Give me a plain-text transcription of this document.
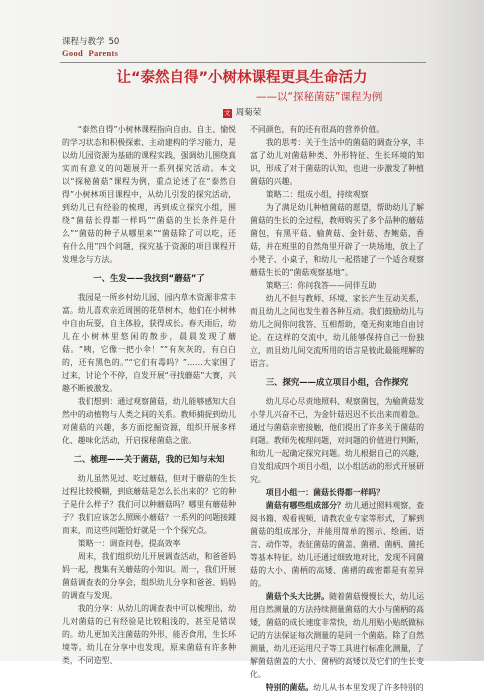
课程与教学 50
Good Parents
让“泰然自得”小树林课程更具生命活力
——以“探秘菌菇”课程为例
文 周菊荣

“泰然自得”小树林课程指向自由、自主、愉悦的学习状态和积极探索、主动建构的学习能力，是以幼儿园资源为基础的课程实践，强调幼儿围绕真实而有意义的问题展开一系列探究活动。本文以“探秘菌菇”课程为例，重点论述了在“泰然自得”小树林项目课程中，从幼儿引发的探究活动，到幼儿已有经验的梳理，再到成立探究小组，围绕“菌菇长得都一样吗”“菌菇的生长条件是什么”“菌菇的种子从哪里来”“菌菇除了可以吃，还有什么用”四个问题，探究基于资源的项目课程开发理念与方法。

一、生发——我找到“蘑菇”了

我园是一所乡村幼儿园，园内草木资源非常丰富。幼儿喜欢亲近周围的花草树木，他们在小树林中自由玩耍，自主体验，获得成长。春天雨后，幼儿在小树林里悠闲的散步，晨晨发现了蘑菇。“咦，它像一把小伞！”“有灰灰的，有白白的，还有黑色的。”“它们有毒吗？”……大家围了过来，讨论个不停，自发开展“寻找蘑菇”大赛，兴趣不断被激发。

我们想到：通过观察菌菇，幼儿能够感知大自然中的动植物与人类之间的关系。教师捕捉到幼儿对菌菇的兴趣，多方面挖掘资源，组织开展多样化、趣味化活动，开启探秘菌菇之旅。

二、梳理——关于菌菇，我的已知与未知

幼儿虽然见过、吃过蘑菇，但对于蘑菇的生长过程比较模糊，到底蘑菇是怎么长出来的？它的种子是什么样子？我们可以种蘑菇吗？哪里有蘑菇种子？我们应该怎么照顾小蘑菇？一系列的问题接踵而来，而这些问题恰好就是一个个探究点。

策略一：调查问卷，提高效率

周末，我们组织幼儿开展调查活动，和爸爸妈妈一起，搜集有关蘑菇的小知识。周一，我们开展菌菇调查表的分享会，组织幼儿分享和爸爸、妈妈的调查与发现。

我的分享：从幼儿的调查表中可以梳理出，幼儿对菌菇的已有经验是比较粗浅的，甚至是错误的。幼儿更加关注菌菇的外形，能否食用，生长环境等。幼儿在分享中也发现，原来菌菇有许多种类，不同造型、

不同颜色，有的还有很高的营养价值。

我的思考：关于生活中的菌菇的调查分享，丰富了幼儿对菌菇种类、外形特征、生长环境的知识，形成了对于菌菇的认知，也进一步激发了种植菌菇的兴趣。

策略二：组成小组，持续观察

为了满足幼儿种植菌菇的愿望，帮助幼儿了解菌菇的生长的全过程，教师购买了多个品种的蘑菇菌包，有黑平菇、榆黄菇、金针菇、杏鲍菇、香菇，并在班里的自然角里开辟了一块场地，放上了小凳子、小桌子，和幼儿一起搭建了一个适合观察蘑菇生长的“菌菇观察基地”。

策略三：你问我答——同伴互助

幼儿不但与教师、环境、家长产生互动关系，而且幼儿之间也发生着各种互动。我们鼓励幼儿与幼儿之间你问我答、互相帮助，毫无拘束地自由讨论。在这样的交流中，幼儿能够保持自己一份独立，而且幼儿间交流所用的语言是彼此最能理解的语言。

三、探究——成立项目小组，合作探究

幼儿尽心尽责地照料、观察菌包，为榆黄菇发小芽儿兴奋不已，为金针菇迟迟不长出来而着急。通过与菌菇亲密接触，他们提出了许多关于菌菇的问题。教师先梳理问题，对问题的价值进行判断，和幼儿一起确定探究问题。幼儿根据自己的兴趣，自发组成四个项目小组，以小组活动的形式开展研究。

项目小组一：菌菇长得都一样吗？

菌菇有哪些组成部分？幼儿通过照料观察、查阅书籍、观看视频、请教农业专家等形式，了解到菌菇的组成部分，并能用简单的图示、绘画、语言、动作等，表征菌菇的菌盖、菌褶、菌柄、菌托等基本特征。幼儿还通过细致地对比，发现不同菌菇的大小、菌柄的高矮、菌褶的疏密都是有差异的。

菌菇个头大比拼。随着菌菇慢慢长大，幼儿运用自然测量的方法持续测量菌菇的大小与菌柄的高矮，菌菇的成长速度非常快，幼儿用贴小贴纸做标记的方法保证每次测量的是同一个菌菇。除了自然测量，幼儿还运用尺子等工具进行标准化测量，了解菌菇菌盖的大小、菌柄的高矮以及它们的生长变化。

特别的菌菇。幼儿从书本里发现了许多特别的
